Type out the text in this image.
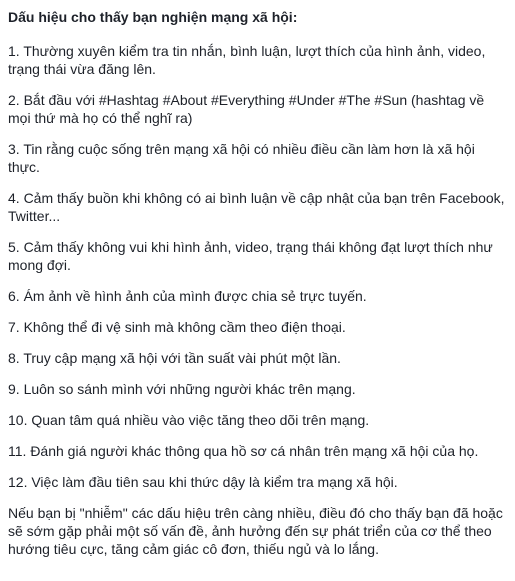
Dấu hiệu cho thấy bạn nghiện mạng xã hội:
1. Thường xuyên kiểm tra tin nhắn, bình luận, lượt thích của hình ảnh, video, trạng thái vừa đăng lên.
2. Bắt đầu với #Hashtag #About #Everything #Under #The #Sun (hashtag về mọi thứ mà họ có thể nghĩ ra)
3. Tin rằng cuộc sống trên mạng xã hội có nhiều điều cần làm hơn là xã hội thực.
4. Cảm thấy buồn khi không có ai bình luận về cập nhật của bạn trên Facebook, Twitter...
5. Cảm thấy không vui khi hình ảnh, video, trạng thái không đạt lượt thích như mong đợi.
6. Ám ảnh về hình ảnh của mình được chia sẻ trực tuyến.
7. Không thể đi vệ sinh mà không cầm theo điện thoại.
8. Truy cập mạng xã hội với tần suất vài phút một lần.
9. Luôn so sánh mình với những người khác trên mạng.
10. Quan tâm quá nhiều vào việc tăng theo dõi trên mạng.
11. Đánh giá người khác thông qua hồ sơ cá nhân trên mạng xã hội của họ.
12. Việc làm đầu tiên sau khi thức dậy là kiểm tra mạng xã hội.
Nếu bạn bị "nhiễm" các dấu hiệu trên càng nhiều, điều đó cho thấy bạn đã hoặc sẽ sớm gặp phải một số vấn đề, ảnh hưởng đến sự phát triển của cơ thể theo hướng tiêu cực, tăng cảm giác cô đơn, thiếu ngủ và lo lắng.
